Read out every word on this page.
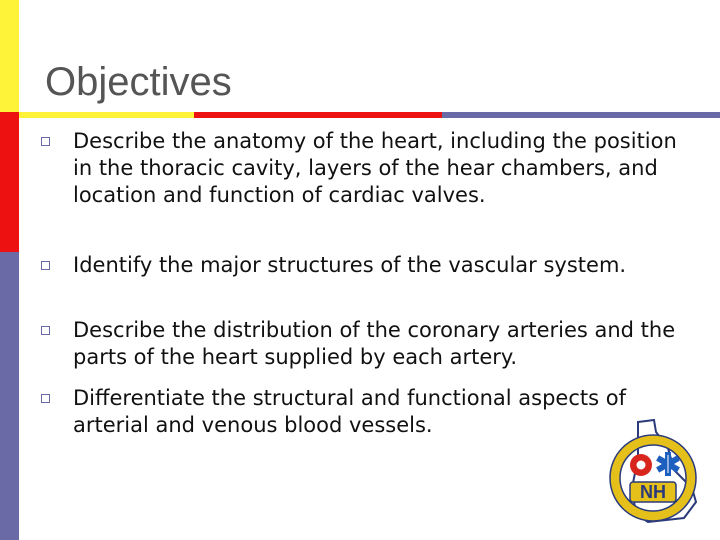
Objectives
Describe the anatomy of the heart, including the position in the thoracic cavity, layers of the hear chambers, and location and function of cardiac valves.
Identify the major structures of the vascular system.
Describe the distribution of the coronary arteries and the parts of the heart supplied by each artery.
Differentiate the structural and functional aspects of arterial and venous blood vessels.
NH
